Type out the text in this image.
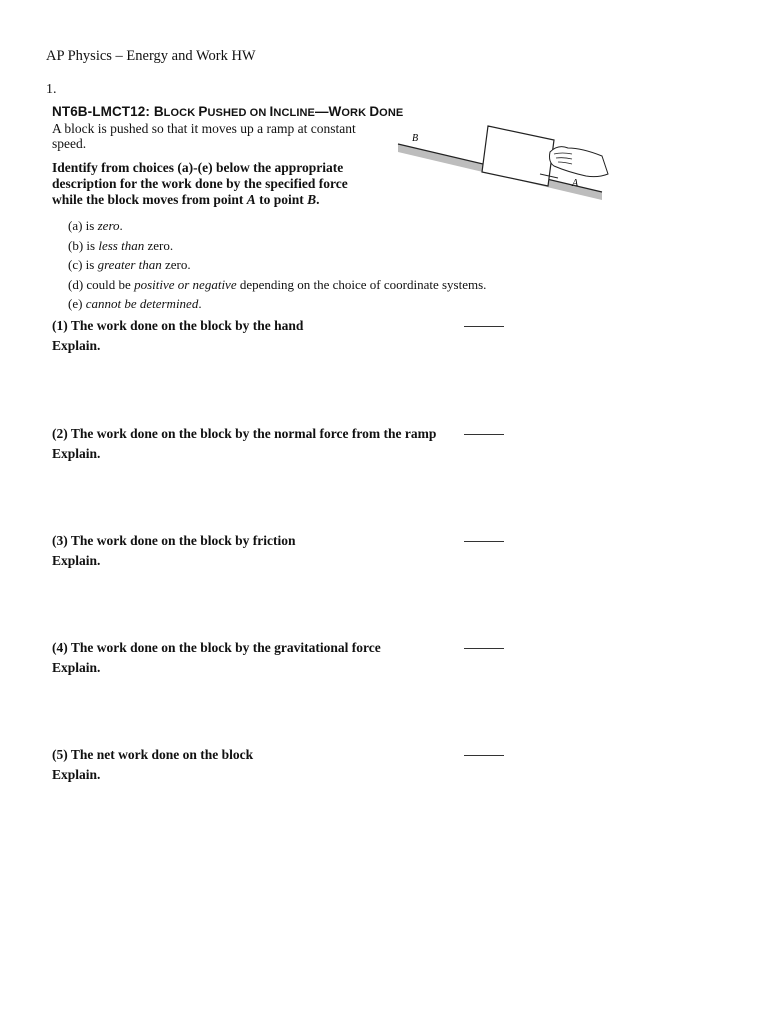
AP Physics – Energy and Work HW
1.
NT6B-LMCT12: BLOCK PUSHED ON INCLINE—WORK DONE
A block is pushed so that it moves up a ramp at constant speed.
Identify from choices (a)-(e) below the appropriate description for the work done by the specified force while the block moves from point A to point B.
B
A
(a) is zero.
(b) is less than zero.
(c) is greater than zero.
(d) could be positive or negative depending on the choice of coordinate systems.
(e) cannot be determined.
(1) The work done on the block by the hand
Explain.
(2) The work done on the block by the normal force from the ramp
Explain.
(3) The work done on the block by friction
Explain.
(4) The work done on the block by the gravitational force
Explain.
(5) The net work done on the block
Explain.
